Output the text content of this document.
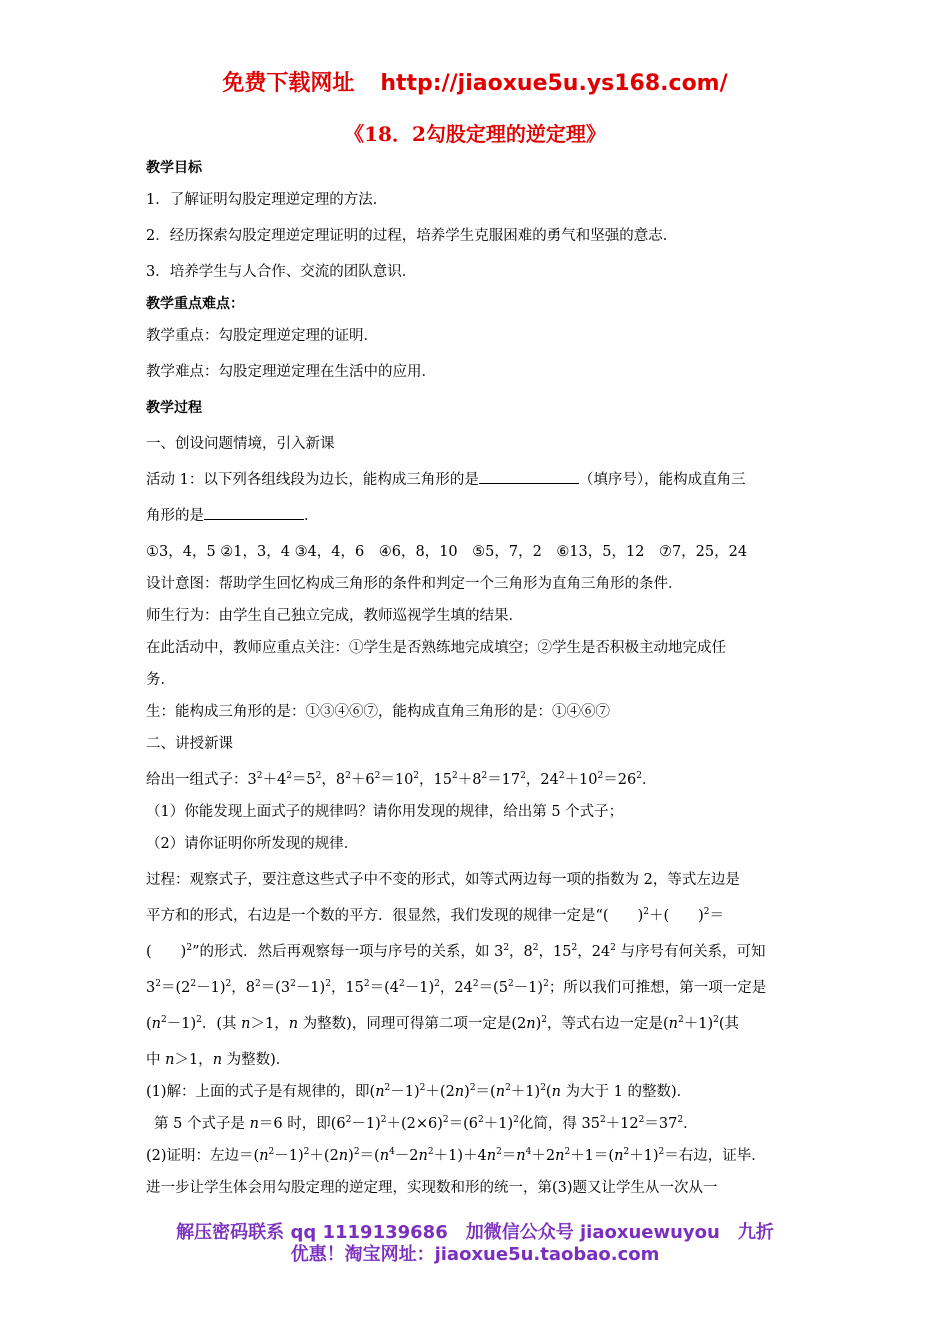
免费下载网址 http://jiaoxue5u.ys168.com/
《18．2勾股定理的逆定理》

教学目标

1．了解证明勾股定理逆定理的方法．

2．经历探索勾股定理逆定理证明的过程，培养学生克服困难的勇气和坚强的意志．

3．培养学生与人合作、交流的团队意识．

教学重点难点：

教学重点：勾股定理逆定理的证明．

教学难点：勾股定理逆定理在生活中的应用．

教学过程

一、创设问题情境，引入新课

活动 1：以下列各组线段为边长，能构成三角形的是	（填序号），能构成直角三

角形的是	．

①3，4，5 ②1，3，4 ③4，4，6　④6，8，10　⑤5，7，2　⑥13，5，12　⑦7，25，24

设计意图：帮助学生回忆构成三角形的条件和判定一个三角形为直角三角形的条件．

师生行为：由学生自己独立完成，教师巡视学生填的结果．

在此活动中，教师应重点关注：①学生是否熟练地完成填空；②学生是否积极主动地完成任

务．

生：能构成三角形的是：①③④⑥⑦，能构成直角三角形的是：①④⑥⑦

二、讲授新课

给出一组式子：$3^2+4^2=5^2$，$8^2+6^2=10^2$，$15^2+8^2=17^2$，$24^2+10^2=26^2$．

（1）你能发现上面式子的规律吗？请你用发现的规律，给出第 5 个式子；

（2）请你证明你所发现的规律．

过程：观察式子，要注意这些式子中不变的形式，如等式两边每一项的指数为 2，等式左边是

平方和的形式，右边是一个数的平方．很显然，我们发现的规律一定是“(　　)$^2$＋(　　)$^2$＝

(　　)$^2$”的形式．然后再观察每一项与序号的关系，如 $3^2$，$8^2$，$15^2$，$24^2$ 与序号有何关系，可知

$3^2=(2^2-1)^2$，$8^2=(3^2-1)^2$，$15^2=(4^2-1)^2$，$24^2=(5^2-1)^2$；所以我们可推想，第一项一定是

$(n^2-1)^2$．(其 n＞1，n 为整数)，同理可得第二项一定是$(2n)^2$，等式右边一定是$(n^2+1)^2$(其

中 n＞1，n 为整数)．

(1)解：上面的式子是有规律的，即$(n^2-1)^2+(2n)^2=(n^2+1)^2(n$ 为大于 1 的整数)．

第 5 个式子是 n＝6 时，即$(6^2-1)^2+(2\times 6)^2=(6^2+1)^2$化简，得 $35^2+12^2=37^2$．

(2)证明：左边$=(n^2-1)^2+(2n)^2=(n^4-2n^2+1)+4n^2=n^4+2n^2+1=(n^2+1)^2=$右边，证毕．

进一步让学生体会用勾股定理的逆定理，实现数和形的统一，第(3)题又让学生从一次从一

解压密码联系 qq 1119139686　加微信公众号 jiaoxuewuyou　九折
优惠！淘宝网址：jiaoxue5u.taobao.com
